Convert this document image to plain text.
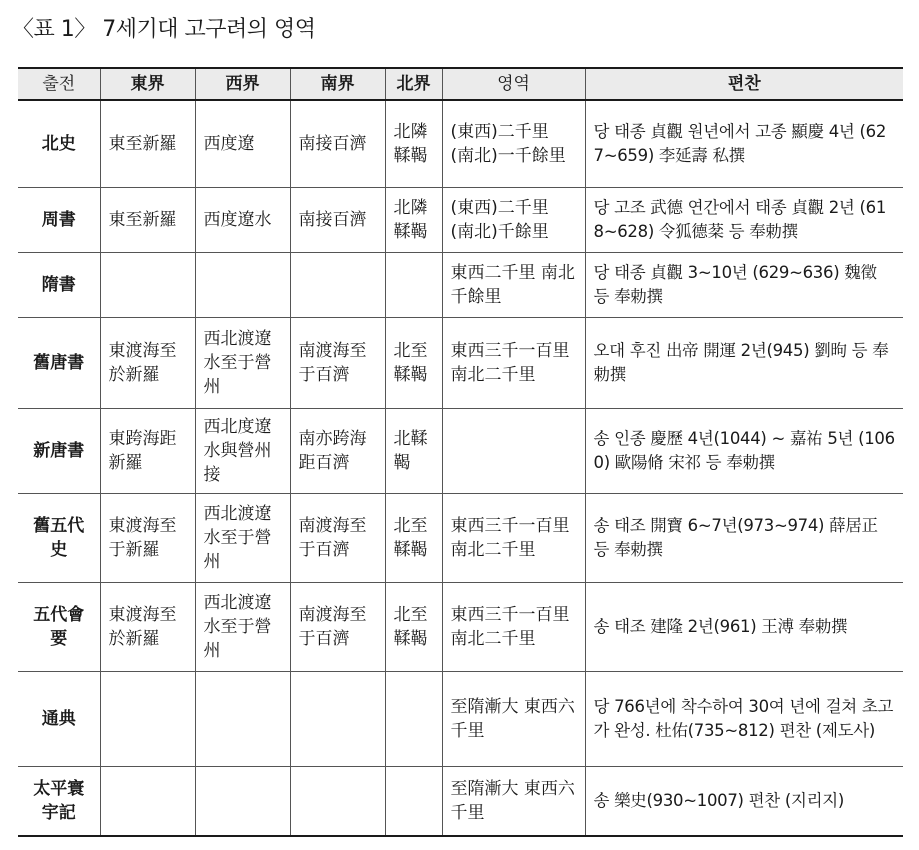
〈표 1〉 7세기대 고구려의 영역
출전	東界	西界	南界	北界	영역	편찬
北史	東至新羅	西度遼	南接百濟	北隣 鞣鞨	(東西)二千里 (南北)一千餘里	당 태종 貞觀 원년에서 고종 顯慶 4년 (627~659) 李延壽 私撰
周書	東至新羅	西度遼水	南接百濟	北隣 鞣鞨	(東西)二千里 (南北)千餘里	당 고조 武德 연간에서 태종 貞觀 2년 (618~628) 令狐德棻 등 奉勅撰
隋書					東西二千里 南北千餘里	당 태종 貞觀 3~10년 (629~636) 魏徵 등 奉勅撰
舊唐書	東渡海至於新羅	西北渡遼水至于營州	南渡海至于百濟	北至 鞣鞨	東西三千一百里 南北二千里	오대 후진 出帝 開運 2년(945) 劉昫 등 奉勅撰
新唐書	東跨海距新羅	西北度遼水與營州接	南亦跨海距百濟	北鞣鞨		송 인종 慶歷 4년(1044) ~ 嘉祐 5년 (1060) 歐陽脩 宋祁 등 奉勅撰
舊五代史	東渡海至于新羅	西北渡遼水至于營州	南渡海至于百濟	北至 鞣鞨	東西三千一百里 南北二千里	송 태조 開寶 6~7년(973~974) 薛居正 등 奉勅撰
五代會要	東渡海至於新羅	西北渡遼水至于營州	南渡海至于百濟	北至 鞣鞨	東西三千一百里 南北二千里	송 태조 建隆 2년(961) 王溥 奉勅撰
通典					至隋漸大 東西六千里	당 766년에 착수하여 30여 년에 걸쳐 초고가 완성. 杜佑(735~812) 편찬 (제도사)
太平寰宇記					至隋漸大 東西六千里	송 樂史(930~1007) 편찬 (지리지)
